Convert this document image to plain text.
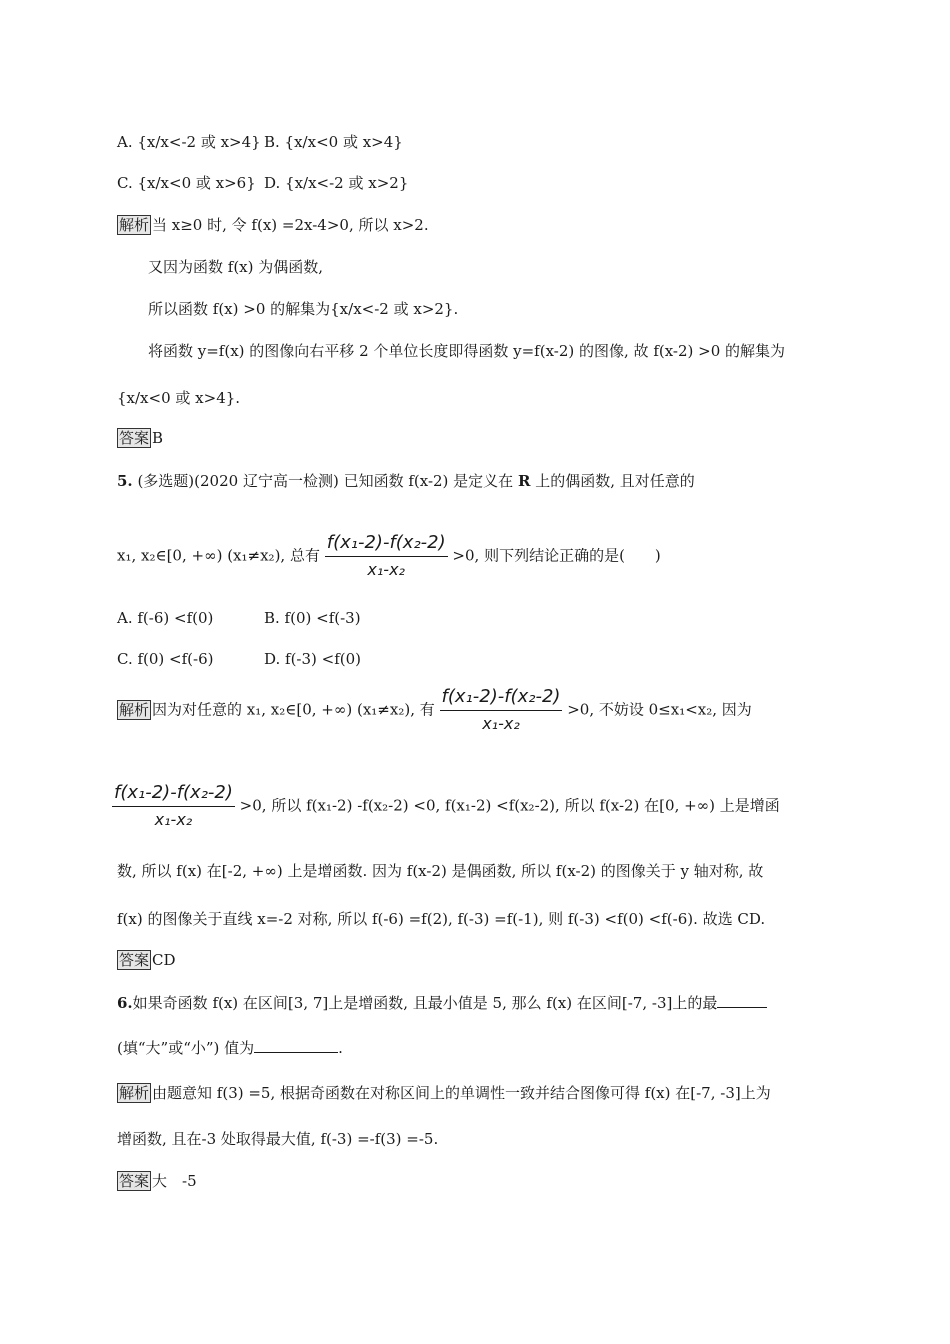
A. {x/x<-2 或 x>4} B. {x/x<0 或 x>4}
C. {x/x<0 或 x>6} D. {x/x<-2 或 x>2}
解析 当 x≥0 时, 令 f(x) =2x-4>0, 所以 x>2.
又因为函数 f(x) 为偶函数,
所以函数 f(x) >0 的解集为{x/x<-2 或 x>2}.
将函数 y=f(x) 的图像向右平移 2 个单位长度即得函数 y=f(x-2) 的图像, 故 f(x-2) >0 的解集为
{x/x<0 或 x>4}.
答案 B
5. (多选题)(2020 辽宁高一检测) 已知函数 f(x-2) 是定义在 R 上的偶函数, 且对任意的
x₁, x₂∈[0, +∞) (x₁≠x₂), 总有 $\frac{\text{f(x₁-2)-f(x₂-2)}}{\text{x₁-x₂}} >0$, 则下列结论正确的是(　　)
A. f(-6) <f(0)	B. f(0) <f(-3)
C. f(0) <f(-6)	D. f(-3) <f(0)
解析 因为对任意的 x₁, x₂∈[0, +∞) (x₁≠x₂), 有 $\frac{\text{f(x₁-2)-f(x₂-2)}}{\text{x₁-x₂}} >0$, 不妨设 0≤x₁<x₂, 因为
$\frac{\text{f(x₁-2)-f(x₂-2)}}{\text{x₁-x₂}} >0$, 所以 f(x₁-2) -f(x₂-2) <0, f(x₁-2) <f(x₂-2), 所以 f(x-2) 在[0, +∞) 上是增函
数, 所以 f(x) 在[-2, +∞) 上是增函数. 因为 f(x-2) 是偶函数, 所以 f(x-2) 的图像关于 y 轴对称, 故
f(x) 的图像关于直线 x=-2 对称, 所以 f(-6) =f(2), f(-3) =f(-1), 则 f(-3) <f(0) <f(-6). 故选 CD.
答案 CD
6.如果奇函数 f(x) 在区间[3, 7]上是增函数, 且最小值是 5, 那么 f(x) 在区间[-7, -3]上的最
(填“大”或“小”) 值为	.
解析 由题意知 f(3) =5, 根据奇函数在对称区间上的单调性一致并结合图像可得 f(x) 在[-7, -3]上为
增函数, 且在-3 处取得最大值, f(-3) =-f(3) =-5.
答案 大　-5
